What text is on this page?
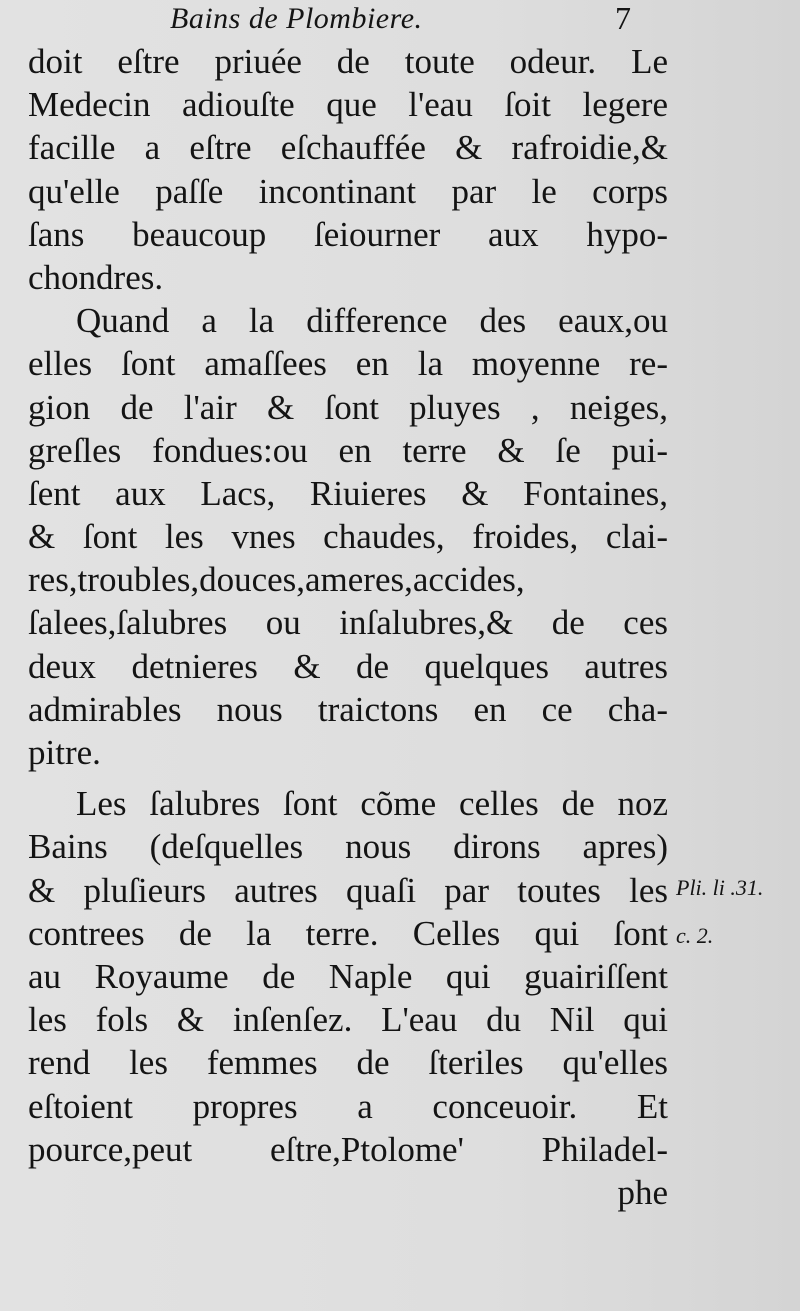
Bains de Plombiere.	7
doit eſtre priuée de toute odeur. Le
Medecin adiouſte que l'eau ſoit legere
facille a eſtre eſchauffée & rafroidie,&
qu'elle paſſe incontinant par le corps
ſans beaucoup ſeiourner aux hypo-
chondres.
Quand a la difference des eaux,ou
elles ſont amaſſees en la moyenne re-
gion de l'air & ſont pluyes , neiges,
greſles fondues:ou en terre & ſe pui-
ſent aux Lacs, Riuieres & Fontaines,
& ſont les vnes chaudes, froides, clai-
res,troubles,douces,ameres,accides,
ſalees,ſalubres ou inſalubres,& de ces
deux detnieres & de quelques autres
admirables nous traictons en ce cha-
pitre.
Les ſalubres ſont cõme celles de noz
Bains (deſquelles nous dirons apres)
& pluſieurs autres quaſi par toutes les
contrees de la terre. Celles qui ſont
au Royaume de Naple qui guairiſſent
les fols & inſenſez. L'eau du Nil qui
rend les femmes de ſteriles qu'elles
eſtoient propres a conceuoir. Et
pource,peut eſtre,Ptolome' Philadel-
phe
Pli. li .31.
c. 2.
